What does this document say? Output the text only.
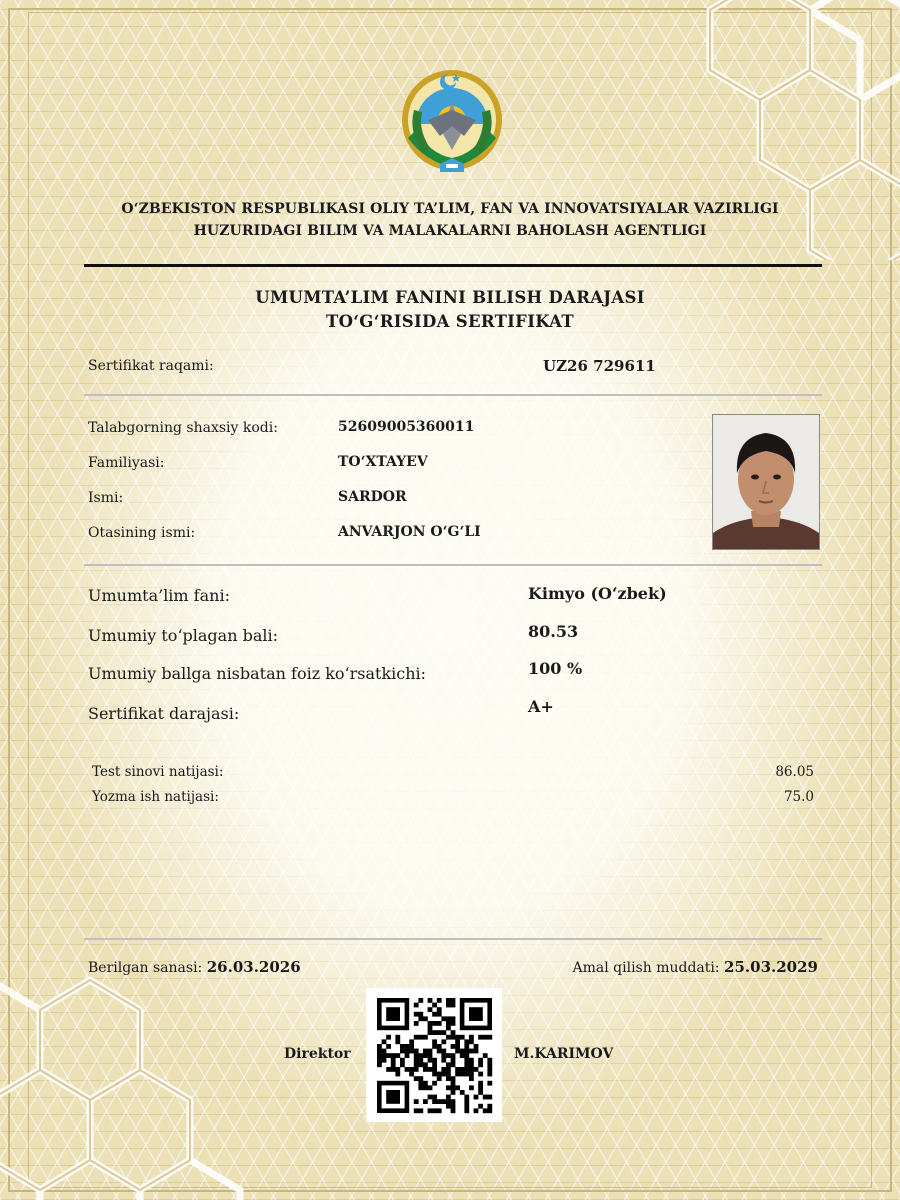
O‘ZBEKISTON RESPUBLIKASI OLIY TA’LIM, FAN VA INNOVATSIYALAR VAZIRLIGI
HUZURIDAGI BILIM VA MALAKALARNI BAHOLASH AGENTLIGI
UMUMTA’LIM FANINI BILISH DARAJASI
TO‘G‘RISIDA SERTIFIKAT
Sertifikat raqami:	UZ26 729611
Talabgorning shaxsiy kodi:	52609005360011
Familiyasi:	TO‘XTAYEV
Ismi:	SARDOR
Otasining ismi:	ANVARJON O‘G‘LI
Umumta’lim fani:	Kimyo (O‘zbek)
Umumiy to‘plagan bali:	80.53
Umumiy ballga nisbatan foiz ko‘rsatkichi:	100 %
Sertifikat darajasi:	A+
Test sinovi natijasi:	86.05
Yozma ish natijasi:	75.0
Berilgan sanasi: 26.03.2026	Amal qilish muddati: 25.03.2029
Direktor	M.KARIMOV
